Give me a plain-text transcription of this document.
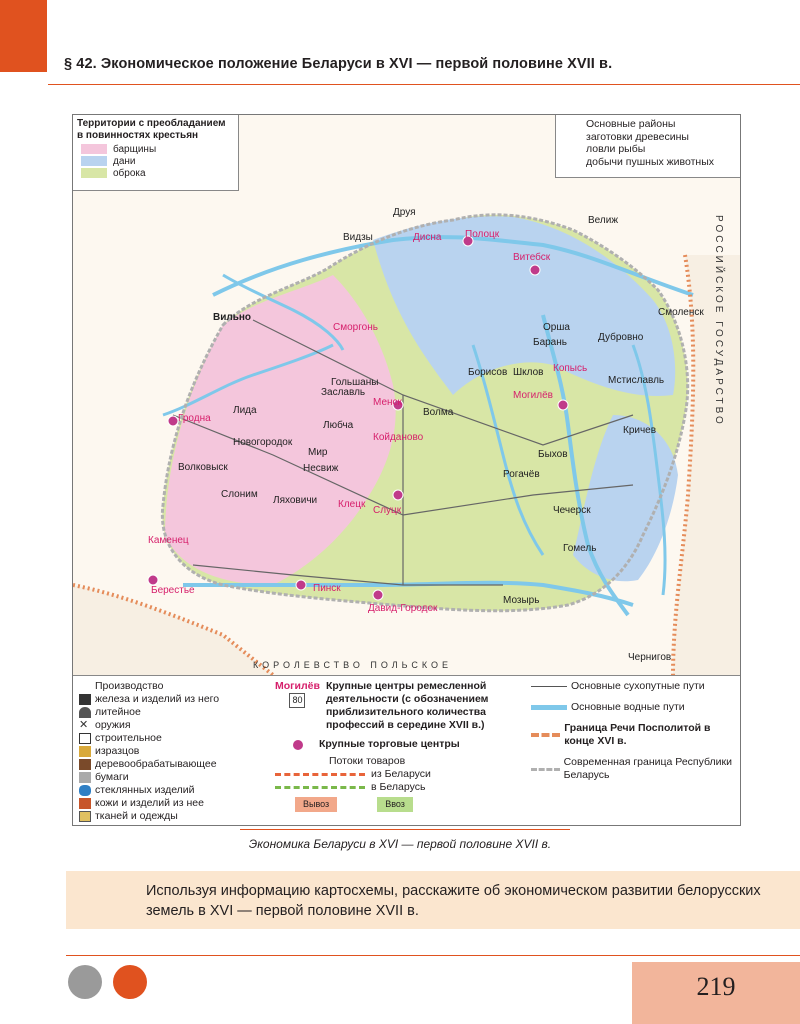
§ 42. Экономическое положение Беларуси в XVI — первой половине XVII в.
Друя
Видзы	Дисна Полоцк
Велиж
Витебск
Вильно
Сморгонь	Орша
Барань	Дубровно
Смоленск
Гольшаны
Заславль
Борисов Шклов Копысь
Мстиславль
Лида
Гродна
Менск
Волма
Могилёв
Любча
Новогородок	Койданово
Быхов
Кричев
Мир
Несвиж
Рогачёв
Волковыск
Слоним
Ляховичи Клецк
Слуцк	Чечерск
Каменец
Гомель
Берестье	Пинск
Давид-Городок
Мозырь
Чернигов
РОССИЙСКОЕ ГОСУДАРСТВО
КОРОЛЕВСТВО ПОЛЬСКОЕ
Территории с преобладанием в повинностях крестьян
барщины
дани
оброка
Основные районы
заготовки древесины
ловли рыбы
добычи пушных животных
Производство
железа и изделий из него
литейное
✕ оружия
строительное
изразцов
деревообрабатывающее
бумаги
стеклянных изделий
кожи и изделий из нее
тканей и одежды
Могилёв
80
Крупные центры ремесленной деятельности (с обозначением приблизительного количества профессий в середине XVII в.)
Крупные торговые центры
Потоки товаров
из Беларуси
в Беларусь
Вывоз	Ввоз
Основные сухопутные пути
Основные водные пути
Граница Речи Посполитой в конце XVI в.
Современная граница Республики Беларусь
Экономика Беларуси в XVI — первой половине XVII в.
Используя информацию картосхемы, расскажите об экономическом развитии белорусских земель в XVI — первой половине XVII в.
219
